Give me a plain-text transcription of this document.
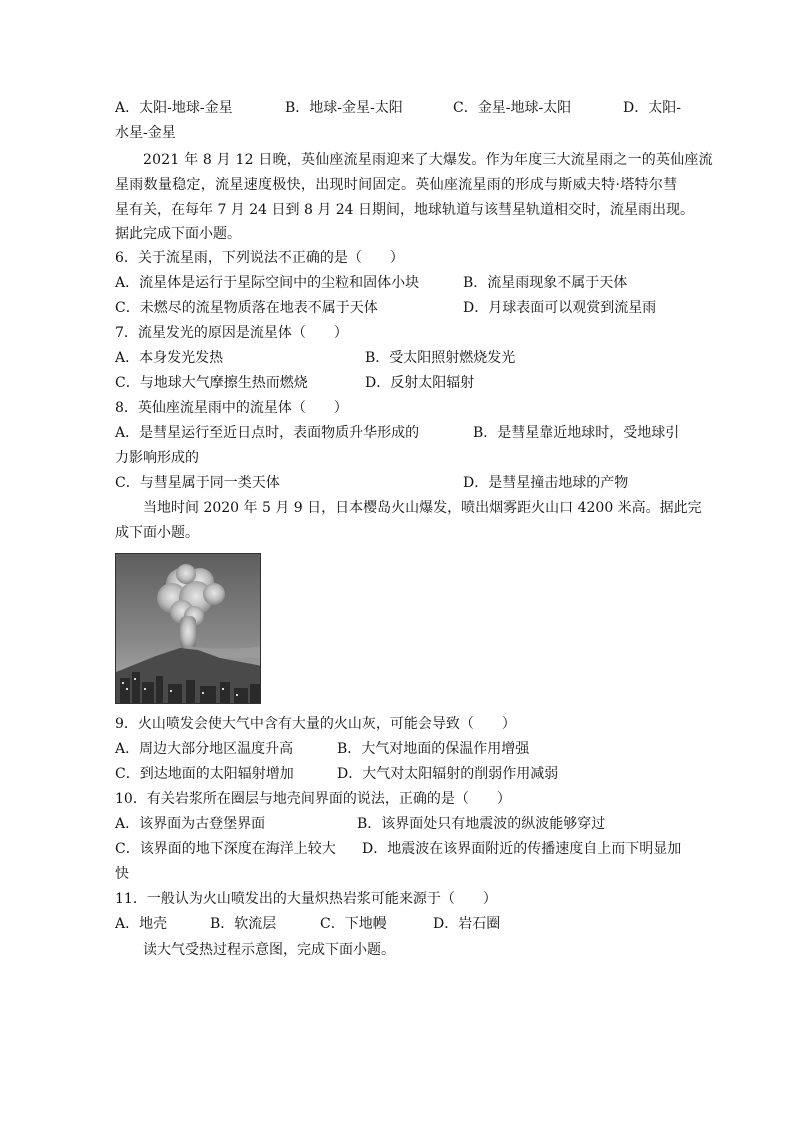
A．太阳-地球-金星	B．地球-金星-太阳	C．金星-地球-太阳	D．太阳-
水星-金星
2021 年 8 月 12 日晚，英仙座流星雨迎来了大爆发。作为年度三大流星雨之一的英仙座流
星雨数量稳定，流星速度极快，出现时间固定。英仙座流星雨的形成与斯威夫特·塔特尔彗
星有关，在每年 7 月 24 日到 8 月 24 日期间，地球轨道与该彗星轨道相交时，流星雨出现。
据此完成下面小题。
6．关于流星雨，下列说法不正确的是（　　）
A．流星体是运行于星际空间中的尘粒和固体小块	B．流星雨现象不属于天体
C．未燃尽的流星物质落在地表不属于天体	D．月球表面可以观赏到流星雨
7．流星发光的原因是流星体（　　）
A．本身发光发热	B．受太阳照射燃烧发光
C．与地球大气摩擦生热而燃烧	D．反射太阳辐射
8．英仙座流星雨中的流星体（　　）
A．是彗星运行至近日点时，表面物质升华形成的	B．是彗星靠近地球时，受地球引
力影响形成的
C．与彗星属于同一类天体	D．是彗星撞击地球的产物
当地时间 2020 年 5 月 9 日，日本樱岛火山爆发，喷出烟雾距火山口 4200 米高。据此完
成下面小题。
9．火山喷发会使大气中含有大量的火山灰，可能会导致（　　）
A．周边大部分地区温度升高	B．大气对地面的保温作用增强
C．到达地面的太阳辐射增加	D．大气对太阳辐射的削弱作用减弱
10．有关岩浆所在圈层与地壳间界面的说法，正确的是（　　）
A．该界面为古登堡界面	B．该界面处只有地震波的纵波能够穿过
C．该界面的地下深度在海洋上较大 D．地震波在该界面附近的传播速度自上而下明显加
快
11．一般认为火山喷发出的大量炽热岩浆可能来源于（　　）
A．地壳	B．软流层	C．下地幔	D．岩石圈
读大气受热过程示意图，完成下面小题。
